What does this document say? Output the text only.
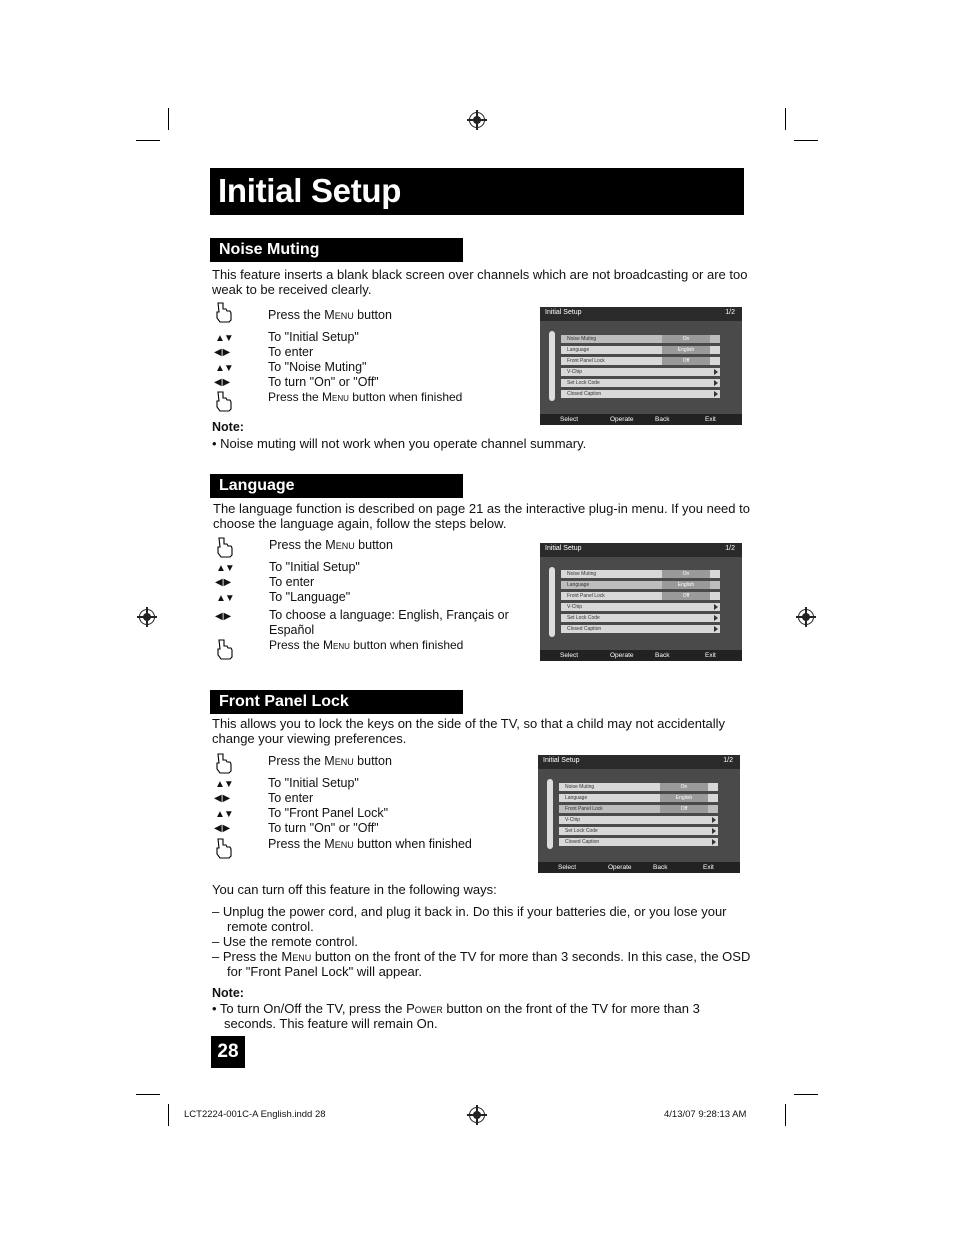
Initial Setup
Noise Muting
This feature inserts a blank black screen over channels which are not broadcasting or are too
weak to be received clearly.
Press the Menu button
▲▼	To "Initial Setup"
◀ ▶	To enter
▲▼	To "Noise Muting"
◀ ▶	To turn "On" or "Off"
Press the Menu button when finished
Note:
• Noise muting will not work when you operate channel summary.
Initial Setup	1/2
Noise Muting	On
Language	English
Front Panel Lock	Off
V-Chip
Set Lock Code
Closed Caption
Select	Operate	Back	Exit
Language
The language function is described on page 21 as the interactive plug-in menu. If you need to
choose the language again, follow the steps below.
Press the Menu button
▲▼	To "Initial Setup"
◀ ▶	To enter
▲▼	To "Language"
◀ ▶	To choose a language: English, Français or
Español
Press the Menu button when finished
Initial Setup	1/2
Noise Muting	On
Language	English
Front Panel Lock	Off
V-Chip
Set Lock Code
Closed Caption
Select	Operate	Back	Exit
Front Panel Lock
This allows you to lock the keys on the side of the TV, so that a child may not accidentally
change your viewing preferences.
Press the Menu button
▲▼	To "Initial Setup"
◀ ▶	To enter
▲▼	To "Front Panel Lock"
◀ ▶	To turn "On" or "Off"
Press the Menu button when finished
Initial Setup	1/2
Noise Muting	On
Language	English
Front Panel Lock	Off
V-Chip
Set Lock Code
Closed Caption
Select	Operate	Back	Exit
You can turn off this feature in the following ways:
– Unplug the power cord, and plug it back in. Do this if your batteries die, or you lose your
remote control.
– Use the remote control.
– Press the Menu button on the front of the TV for more than 3 seconds. In this case, the OSD
for "Front Panel Lock" will appear.
Note:
• To turn On/Off the TV, press the Power button on the front of the TV for more than 3
seconds. This feature will remain On.
28
LCT2224-001C-A English.indd 28	4/13/07 9:28:13 AM
